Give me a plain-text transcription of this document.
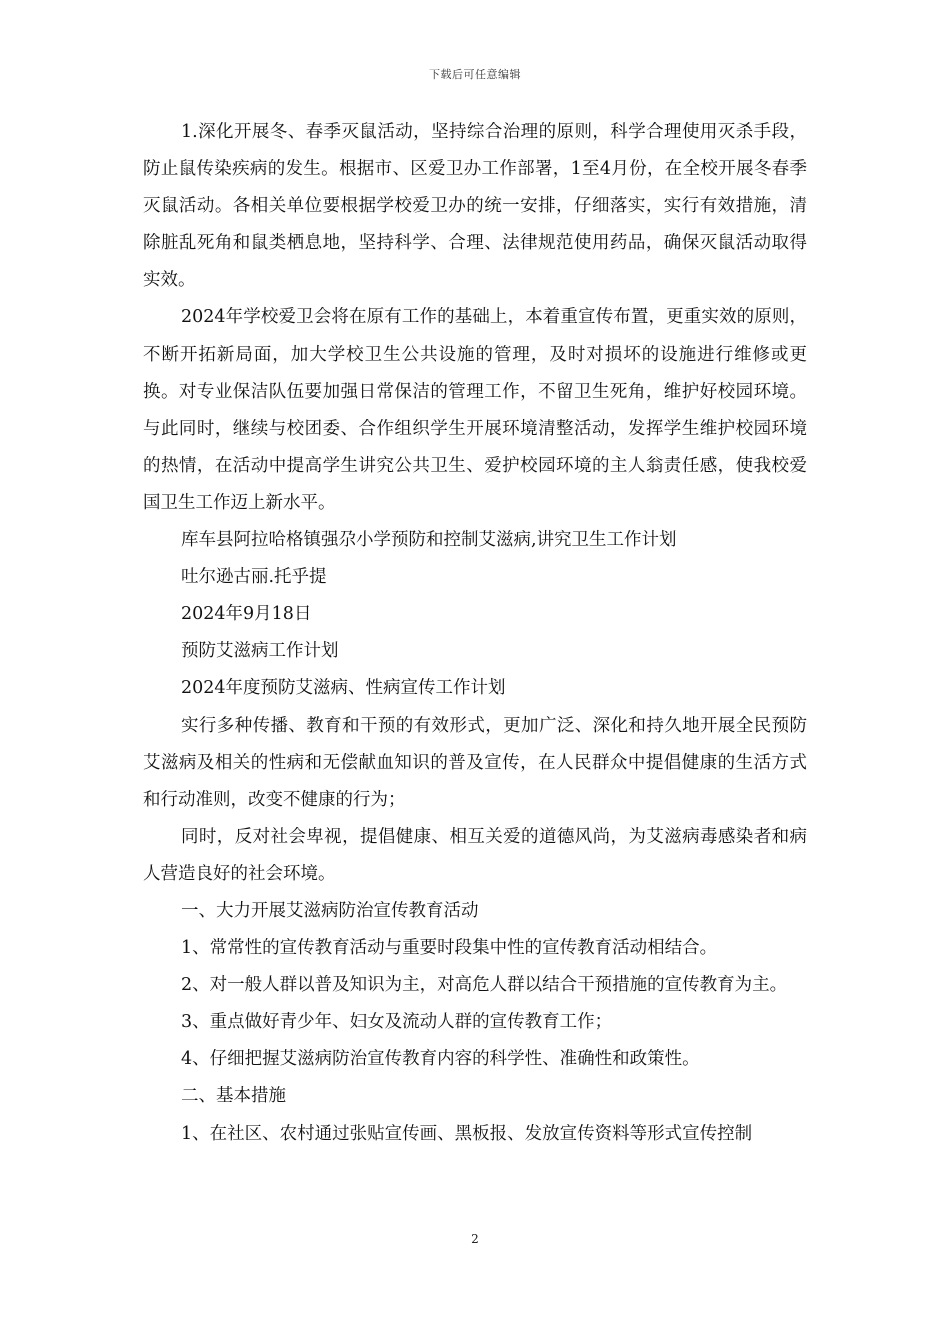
下载后可任意编辑

1.深化开展冬、春季灭鼠活动，坚持综合治理的原则，科学合理使用灭杀手段，防止鼠传染疾病的发生。根据市、区爱卫办工作部署，1至4月份，在全校开展冬春季灭鼠活动。各相关单位要根据学校爱卫办的统一安排，仔细落实，实行有效措施，清除脏乱死角和鼠类栖息地，坚持科学、合理、法律规范使用药品，确保灭鼠活动取得实效。

2024年学校爱卫会将在原有工作的基础上，本着重宣传布置，更重实效的原则，不断开拓新局面，加大学校卫生公共设施的管理，及时对损坏的设施进行维修或更换。对专业保洁队伍要加强日常保洁的管理工作，不留卫生死角，维护好校园环境。与此同时，继续与校团委、合作组织学生开展环境清整活动，发挥学生维护校园环境的热情，在活动中提高学生讲究公共卫生、爱护校园环境的主人翁责任感，使我校爱国卫生工作迈上新水平。

库车县阿拉哈格镇强尕小学预防和控制艾滋病,讲究卫生工作计划

吐尔逊古丽.托乎提

2024年9月18日

预防艾滋病工作计划

2024年度预防艾滋病、性病宣传工作计划

实行多种传播、教育和干预的有效形式，更加广泛、深化和持久地开展全民预防艾滋病及相关的性病和无偿献血知识的普及宣传，在人民群众中提倡健康的生活方式和行动准则，改变不健康的行为；

同时，反对社会卑视，提倡健康、相互关爱的道德风尚，为艾滋病毒感染者和病人营造良好的社会环境。

一、大力开展艾滋病防治宣传教育活动

1、常常性的宣传教育活动与重要时段集中性的宣传教育活动相结合。

2、对一般人群以普及知识为主，对高危人群以结合干预措施的宣传教育为主。

3、重点做好青少年、妇女及流动人群的宣传教育工作；

4、仔细把握艾滋病防治宣传教育内容的科学性、准确性和政策性。

二、基本措施

1、在社区、农村通过张贴宣传画、黑板报、发放宣传资料等形式宣传控制

2
